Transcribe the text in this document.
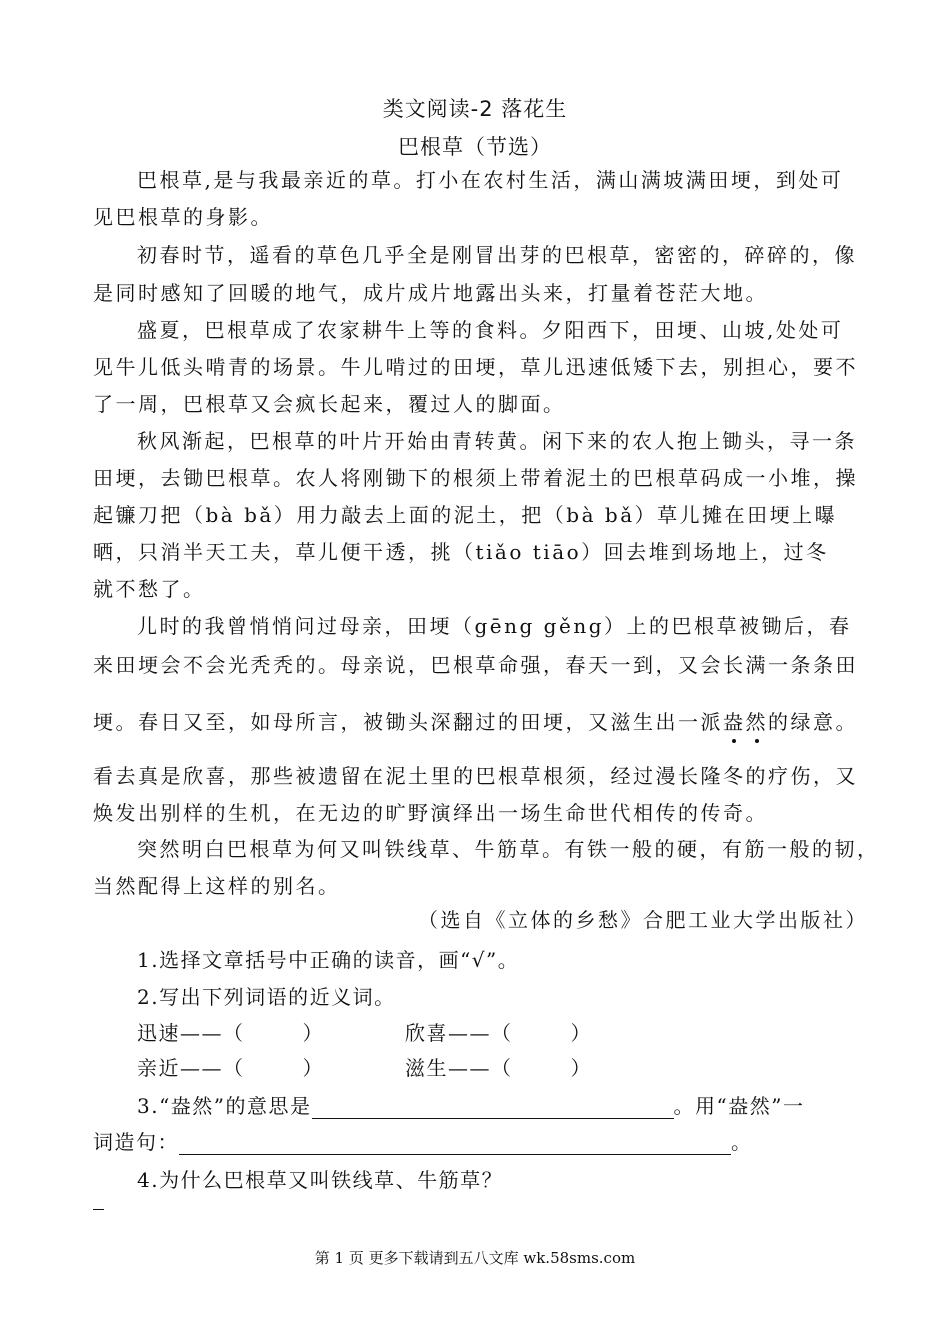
类文阅读-2 落花生
巴根草（节选）
巴根草,是与我最亲近的草。打小在农村生活，满山满坡满田埂，到处可
见巴根草的身影。
初春时节，遥看的草色几乎全是刚冒出芽的巴根草，密密的，碎碎的，像
是同时感知了回暖的地气，成片成片地露出头来，打量着苍茫大地。
盛夏，巴根草成了农家耕牛上等的食料。夕阳西下，田埂、山坡,处处可
见牛儿低头啃青的场景。牛儿啃过的田埂，草儿迅速低矮下去，别担心，要不
了一周，巴根草又会疯长起来，覆过人的脚面。
秋风渐起，巴根草的叶片开始由青转黄。闲下来的农人抱上锄头，寻一条
田埂，去锄巴根草。农人将刚锄下的根须上带着泥土的巴根草码成一小堆，操
起镰刀把（bà bǎ）用力敲去上面的泥土，把（bà bǎ）草儿摊在田埂上曝
晒，只消半天工夫，草儿便干透，挑（tiǎo tiāo）回去堆到场地上，过冬
就不愁了。
儿时的我曾悄悄问过母亲，田埂（gēng gěng）上的巴根草被锄后，春
来田埂会不会光秃秃的。母亲说，巴根草命强，春天一到，又会长满一条条田
埂。春日又至，如母所言，被锄头深翻过的田埂，又滋生出一派盎然的绿意。
看去真是欣喜，那些被遗留在泥土里的巴根草根须，经过漫长隆冬的疗伤，又
焕发出别样的生机，在无边的旷野演绎出一场生命世代相传的传奇。
突然明白巴根草为何又叫铁线草、牛筋草。有铁一般的硬，有筋一般的韧，
当然配得上这样的别名。
（选自《立体的乡愁》合肥工业大学出版社）
1.选择文章括号中正确的读音，画“√”。
2.写出下列词语的近义词。
迅速——（	）	欣喜——（	）
亲近——（	）	滋生——（	）
3.“盎然”的意思是	。用“盎然”一
词造句：	。
4.为什么巴根草又叫铁线草、牛筋草？
第 1 页 更多下载请到五八文库 wk.58sms.com
